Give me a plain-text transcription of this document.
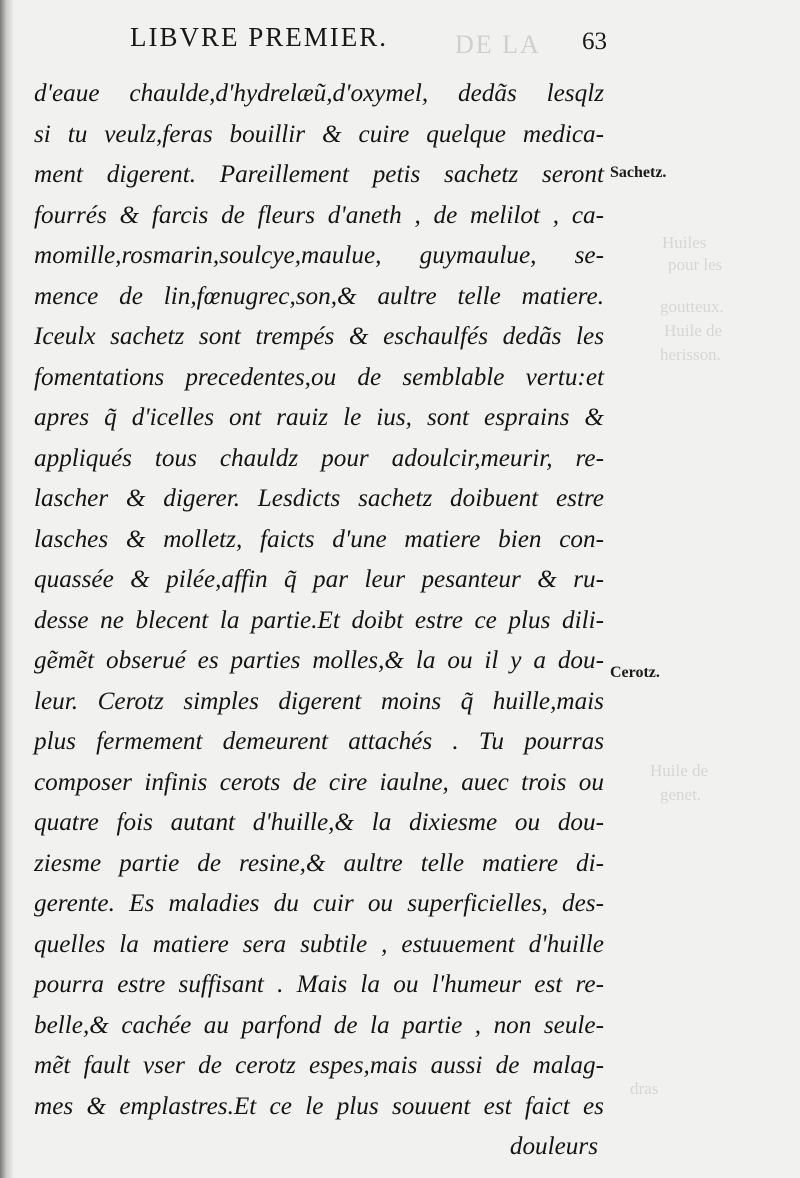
DE LA
Huiles
pour les
goutteux.
Huile de
herisson.
Huile de
genet.
dras
LIBVRE PREMIER.	63
d'eaue chaulde,d'hydrelæũ,d'oxymel, dedãs lesqlz
si tu veulz,feras bouillir & cuire quelque medica-
ment digerent. Pareillement petis sachetz seront
fourrés & farcis de fleurs d'aneth , de melilot , ca-
momille,rosmarin,soulcye,maulue, guymaulue, se-
mence de lin,fœnugrec,son,& aultre telle matiere.
Iceulx sachetz sont trempés & eschaulfés dedãs les
fomentations precedentes,ou de semblable vertu:et
apres q̃ d'icelles ont rauiz le ius, sont esprains &
appliqués tous chauldz pour adoulcir,meurir, re-
lascher & digerer. Lesdicts sachetz doibuent estre
lasches & molletz, faicts d'une matiere bien con-
quassée & pilée,affin q̃ par leur pesanteur & ru-
desse ne blecent la partie.Et doibt estre ce plus dili-
gẽmẽt obserué es parties molles,& la ou il y a dou-
leur. Cerotz simples digerent moins q̃ huille,mais
plus fermement demeurent attachés . Tu pourras
composer infinis cerots de cire iaulne, auec trois ou
quatre fois autant d'huille,& la dixiesme ou dou-
ziesme partie de resine,& aultre telle matiere di-
gerente. Es maladies du cuir ou superficielles, des-
quelles la matiere sera subtile , estuuement d'huille
pourra estre suffisant . Mais la ou l'humeur est re-
belle,& cachée au parfond de la partie , non seule-
mẽt fault vser de cerotz espes,mais aussi de malag-
mes & emplastres.Et ce le plus souuent est faict es
douleurs
Sachetz.
Cerotz.
